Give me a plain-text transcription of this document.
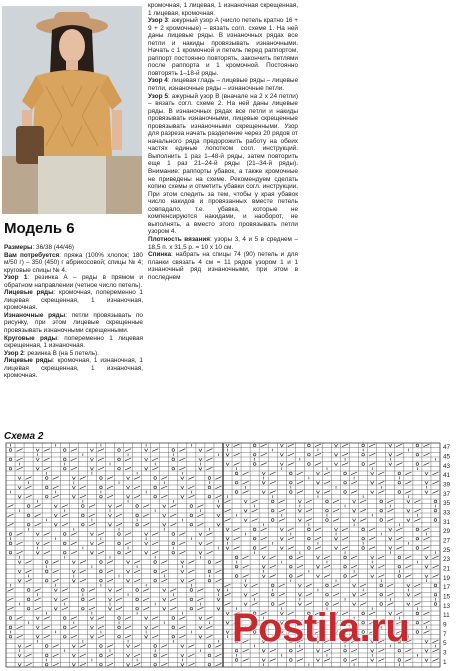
Модель 6

Размеры: 36/38 (44/46)

Вам потребуется: пряжа (100% хлопок; 180 м/50 г) – 350 (450) г абрикосовой; спицы № 4; круговые спицы № 4.

Узор 1: резинка А – ряды в прямом и обратном направлении (четное число петель).

Лицевые ряды: кромочная, попеременно 1 лицевая скрещенная, 1 изнаночная, кромочная.

Изнаночные ряды: петли провязывать по рисунку, при этом лицевые скрещенные провязывать изнаночными скрещенными.

Круговые ряды: попеременно 1 лицевая скрещенная, 1 изнаночная.

Узор 2: резинка B (на 5 петель).

Лицевые ряды: кромочная, 1 изнаночная, 1 лицевая скрещенная, 1 изнаночная, кромочная.

кромочная, 1 лицевая, 1 изнаночная скрещенная, 1 лицевая, кромочная.

Узор 3: ажурный узор A (число петель кратно 16 + 9 + 2 кромочные) – вязать согл. схеме 1. На ней даны лицевые ряды. В изнаночных рядах все петли и накиды провязывать изнаночными. Начать с 1 кромочной и петель перед раппортом, раппорт постоянно повторять, закончить петлями после раппорта и 1 кромочной. Постоянно повторять 1–18-й ряды.

Узор 4: лицевая гладь – лицевые ряды – лицевые петли, изнаночные ряды – изнаночные петли.

Узор 5: ажурный узор B (вначале на 2 х 24 петли) – вязать согл. схеме 2. На ней даны лицевые ряды. В изнаночных рядах все петли и накиды провязывать изнаночными, лицевые скрещенные провязывать изнаночными скрещенными. Узор для разреза начать разделение через 20 рядов от начального ряда предорожить работу на обеих частях единые лопотком согл. инструкций. Выполнить 1 раз 1–48-й ряды, затем повторить еще 1 раз 21–24-й ряды (21–34-й ряды). Внимание: раппорты убавок, а также кромочные не приведены на схеме. Рекомендуем сделать копию схемы и отметить убавки согл. инструкции. При этом следить за тем, чтобы у края убавок число накидов и провязанных вместе петель совпадало, т.е. убавка, которые не компенсируются накидами, и наоборот, не выполнять, а вместо этого провязывать петли узором 4.

Плотность вязания: узоры 3, 4 и 5 в среднем – 18,5 п. x 31,5 р. = 10 x 10 см.

Спинка: набрать на спицы 74 (90) петель и для планки связать 4 см = 11 рядов узором 1 и 1 изнаночный ряд изнаночными, при этом в последнем

Схема 2
47
45
43
41
39
37
35
33
31
29
27
25
23
21
19
17
15
13
11
9
7
5
3
1
Postila.ru
